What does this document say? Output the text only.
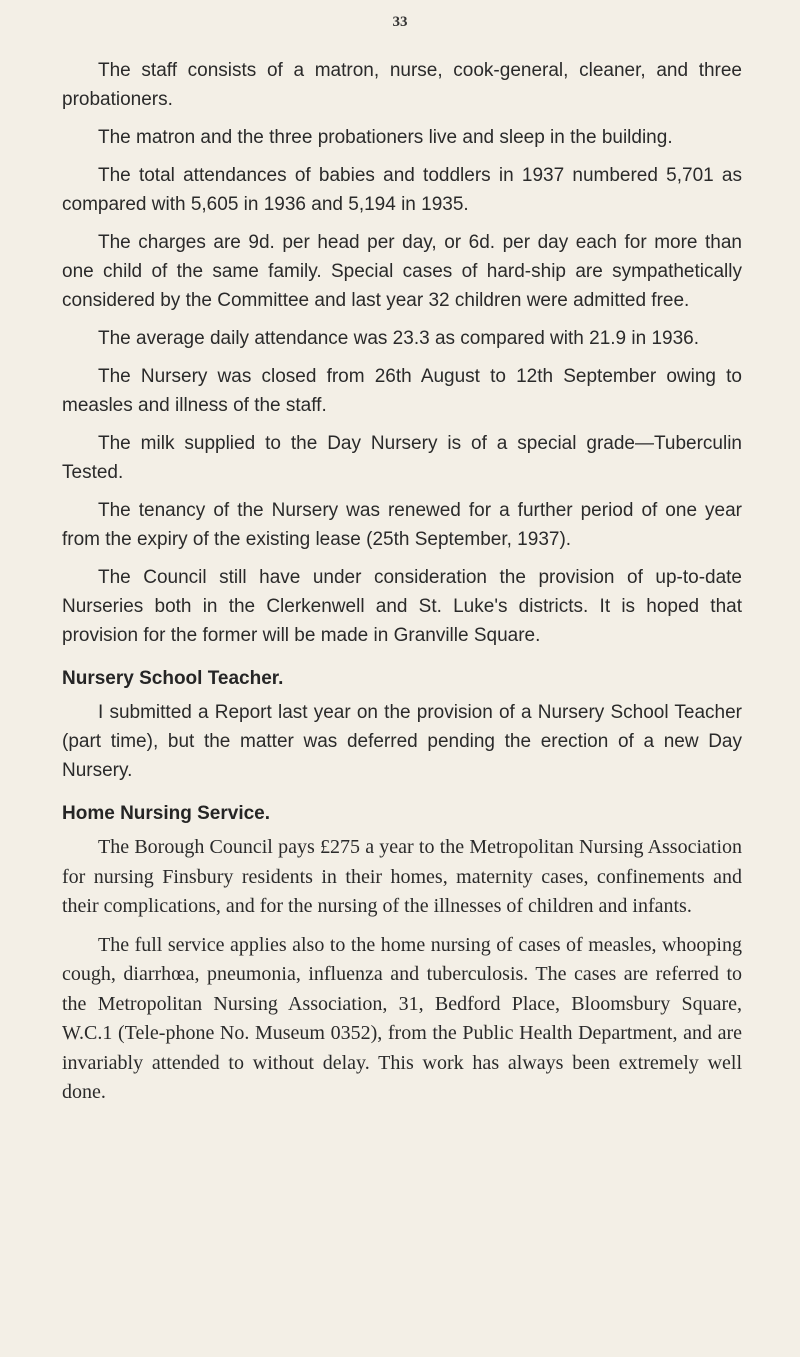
33

The staff consists of a matron, nurse, cook-general, cleaner, and three probationers.

The matron and the three probationers live and sleep in the building.

The total attendances of babies and toddlers in 1937 numbered 5,701 as compared with 5,605 in 1936 and 5,194 in 1935.

The charges are 9d. per head per day, or 6d. per day each for more than one child of the same family. Special cases of hard-ship are sympathetically considered by the Committee and last year 32 children were admitted free.

The average daily attendance was 23.3 as compared with 21.9 in 1936.

The Nursery was closed from 26th August to 12th September owing to measles and illness of the staff.

The milk supplied to the Day Nursery is of a special grade—Tuberculin Tested.

The tenancy of the Nursery was renewed for a further period of one year from the expiry of the existing lease (25th September, 1937).

The Council still have under consideration the provision of up-to-date Nurseries both in the Clerkenwell and St. Luke's districts. It is hoped that provision for the former will be made in Granville Square.

Nursery School Teacher.

I submitted a Report last year on the provision of a Nursery School Teacher (part time), but the matter was deferred pending the erection of a new Day Nursery.

Home Nursing Service.

The Borough Council pays £275 a year to the Metropolitan Nursing Association for nursing Finsbury residents in their homes, maternity cases, confinements and their complications, and for the nursing of the illnesses of children and infants.

The full service applies also to the home nursing of cases of measles, whooping cough, diarrhœa, pneumonia, influenza and tuberculosis. The cases are referred to the Metropolitan Nursing Association, 31, Bedford Place, Bloomsbury Square, W.C.1 (Tele-phone No. Museum 0352), from the Public Health Department, and are invariably attended to without delay. This work has always been extremely well done.
